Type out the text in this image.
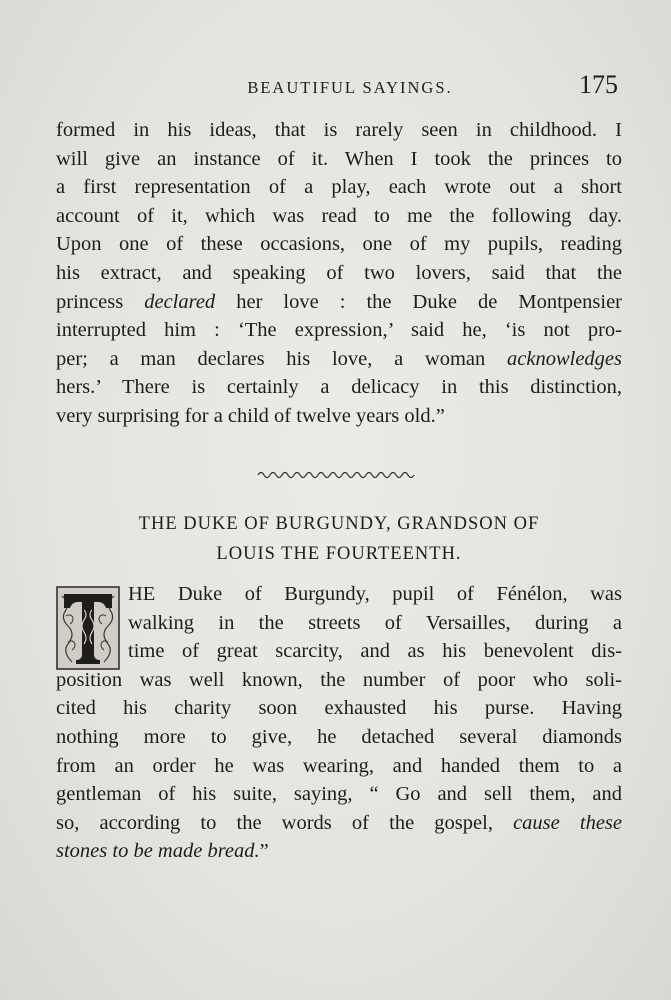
BEAUTIFUL SAYINGS.	175
formed in his ideas, that is rarely seen in childhood. I
will give an instance of it. When I took the princes to
a first representation of a play, each wrote out a short
account of it, which was read to me the following day.
Upon one of these occasions, one of my pupils, reading
his extract, and speaking of two lovers, said that the
princess declared her love : the Duke de Montpensier
interrupted him : ‘The expression,’ said he, ‘is not pro-
per; a man declares his love, a woman acknowledges
hers.’ There is certainly a delicacy in this distinction,
very surprising for a child of twelve years old.”
THE DUKE OF BURGUNDY, GRANDSON OF
LOUIS THE FOURTEENTH.
HE Duke of Burgundy, pupil of Fénélon, was
walking in the streets of Versailles, during a
time of great scarcity, and as his benevolent dis-
position was well known, the number of poor who soli-
cited his charity soon exhausted his purse. Having
nothing more to give, he detached several diamonds
from an order he was wearing, and handed them to a
gentleman of his suite, saying, “ Go and sell them, and
so, according to the words of the gospel, cause these
stones to be made bread.”
